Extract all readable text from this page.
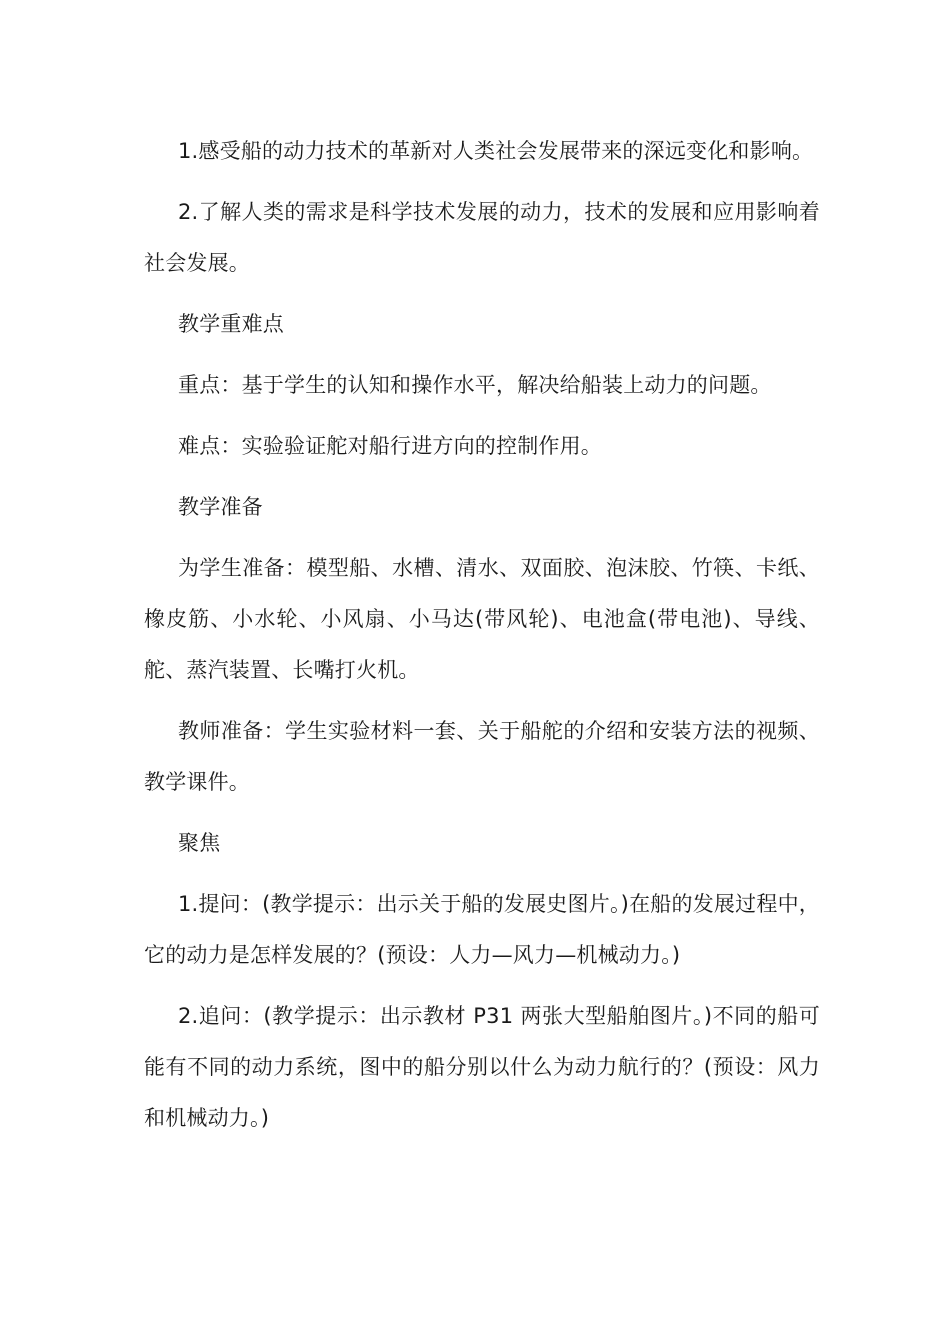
1.感受船的动力技术的革新对人类社会发展带来的深远变化和影响。

2.了解人类的需求是科学技术发展的动力，技术的发展和应用影响着社会发展。

教学重难点

重点：基于学生的认知和操作水平，解决给船装上动力的问题。

难点：实验验证舵对船行进方向的控制作用。

教学准备

为学生准备：模型船、水槽、清水、双面胶、泡沫胶、竹筷、卡纸、橡皮筋、小水轮、小风扇、小马达(带风轮)、电池盒(带电池)、导线、舵、蒸汽装置、长嘴打火机。

教师准备：学生实验材料一套、关于船舵的介绍和安装方法的视频、教学课件。

聚焦

1.提问：(教学提示：出示关于船的发展史图片。)在船的发展过程中，它的动力是怎样发展的？(预设：人力—风力—机械动力。)

2.追问：(教学提示：出示教材 P31 两张大型船舶图片。)不同的船可能有不同的动力系统，图中的船分别以什么为动力航行的？(预设：风力和机械动力。)
